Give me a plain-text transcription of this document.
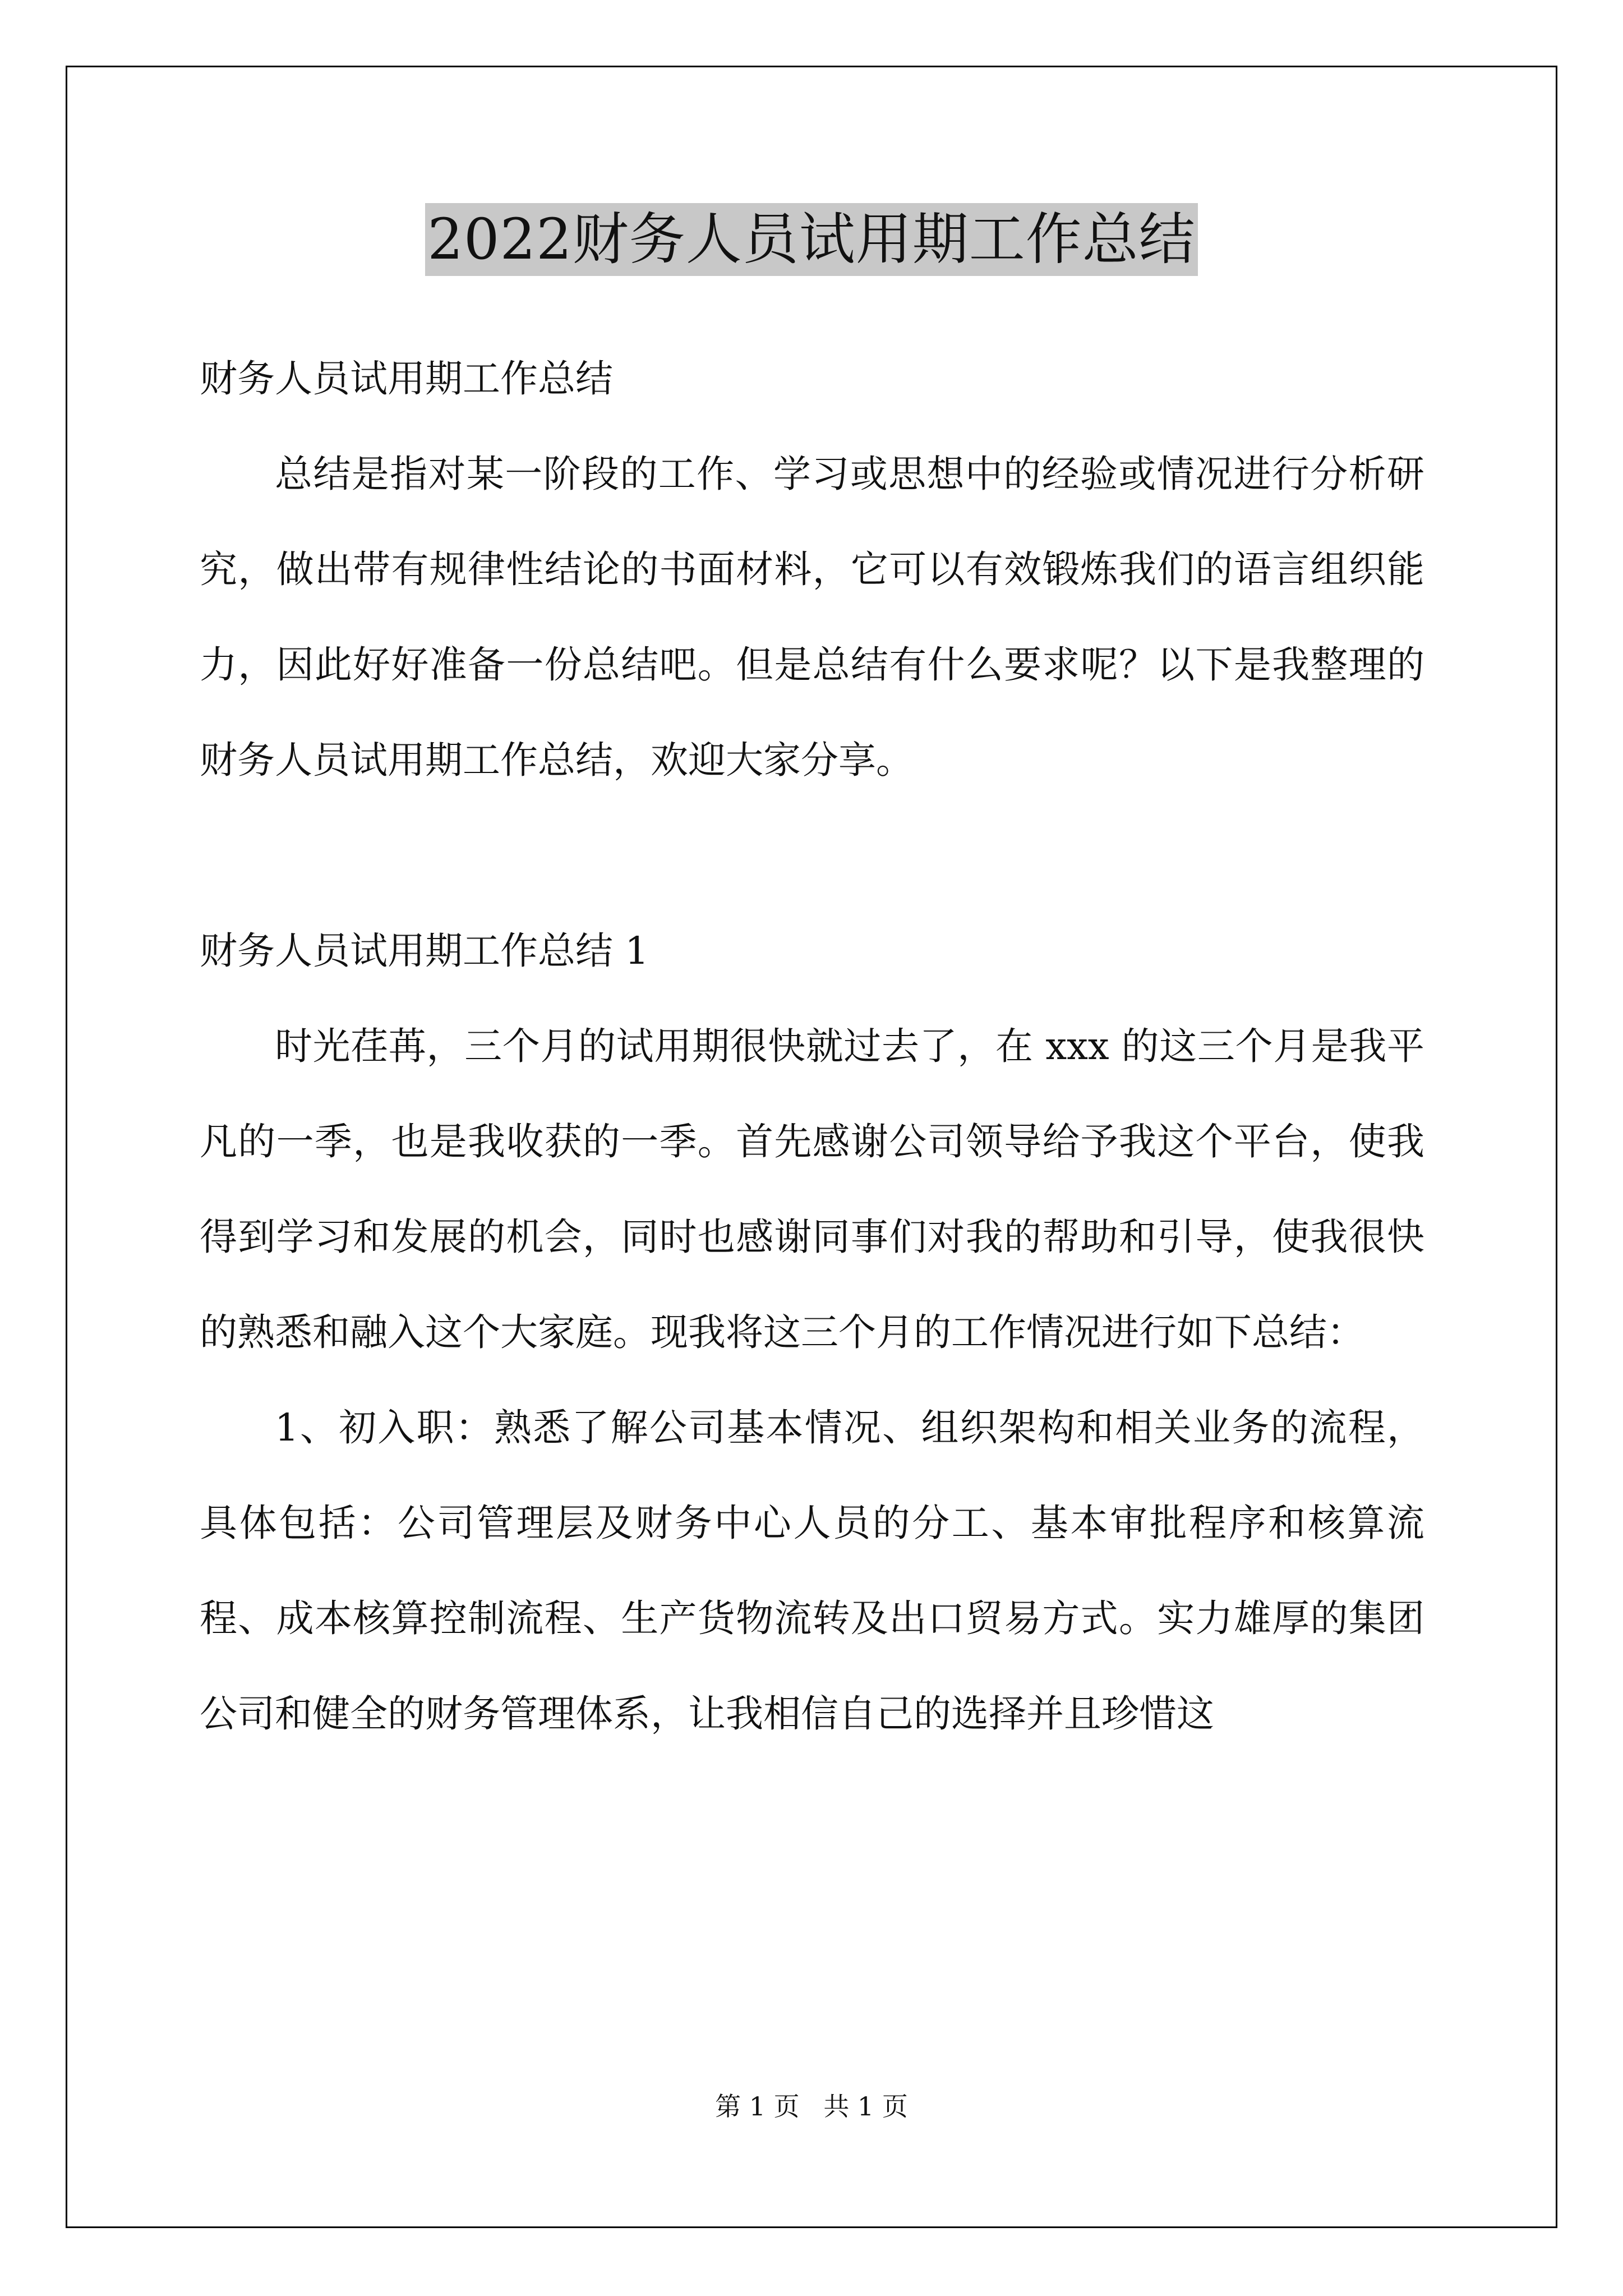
2022财务人员试用期工作总结
财务人员试用期工作总结

总结是指对某一阶段的工作、学习或思想中的经验或情况进行分析研究，做出带有规律性结论的书面材料，它可以有效锻炼我们的语言组织能力，因此好好准备一份总结吧。但是总结有什么要求呢？以下是我整理的财务人员试用期工作总结，欢迎大家分享。

财务人员试用期工作总结 1

时光荏苒，三个月的试用期很快就过去了，在 xxx 的这三个月是我平凡的一季，也是我收获的一季。首先感谢公司领导给予我这个平台，使我得到学习和发展的机会，同时也感谢同事们对我的帮助和引导，使我很快的熟悉和融入这个大家庭。现我将这三个月的工作情况进行如下总结：

1、初入职：熟悉了解公司基本情况、组织架构和相关业务的流程，具体包括：公司管理层及财务中心人员的分工、基本审批程序和核算流程、成本核算控制流程、生产货物流转及出口贸易方式。实力雄厚的集团公司和健全的财务管理体系，让我相信自己的选择并且珍惜这

第 1 页 共 1 页
